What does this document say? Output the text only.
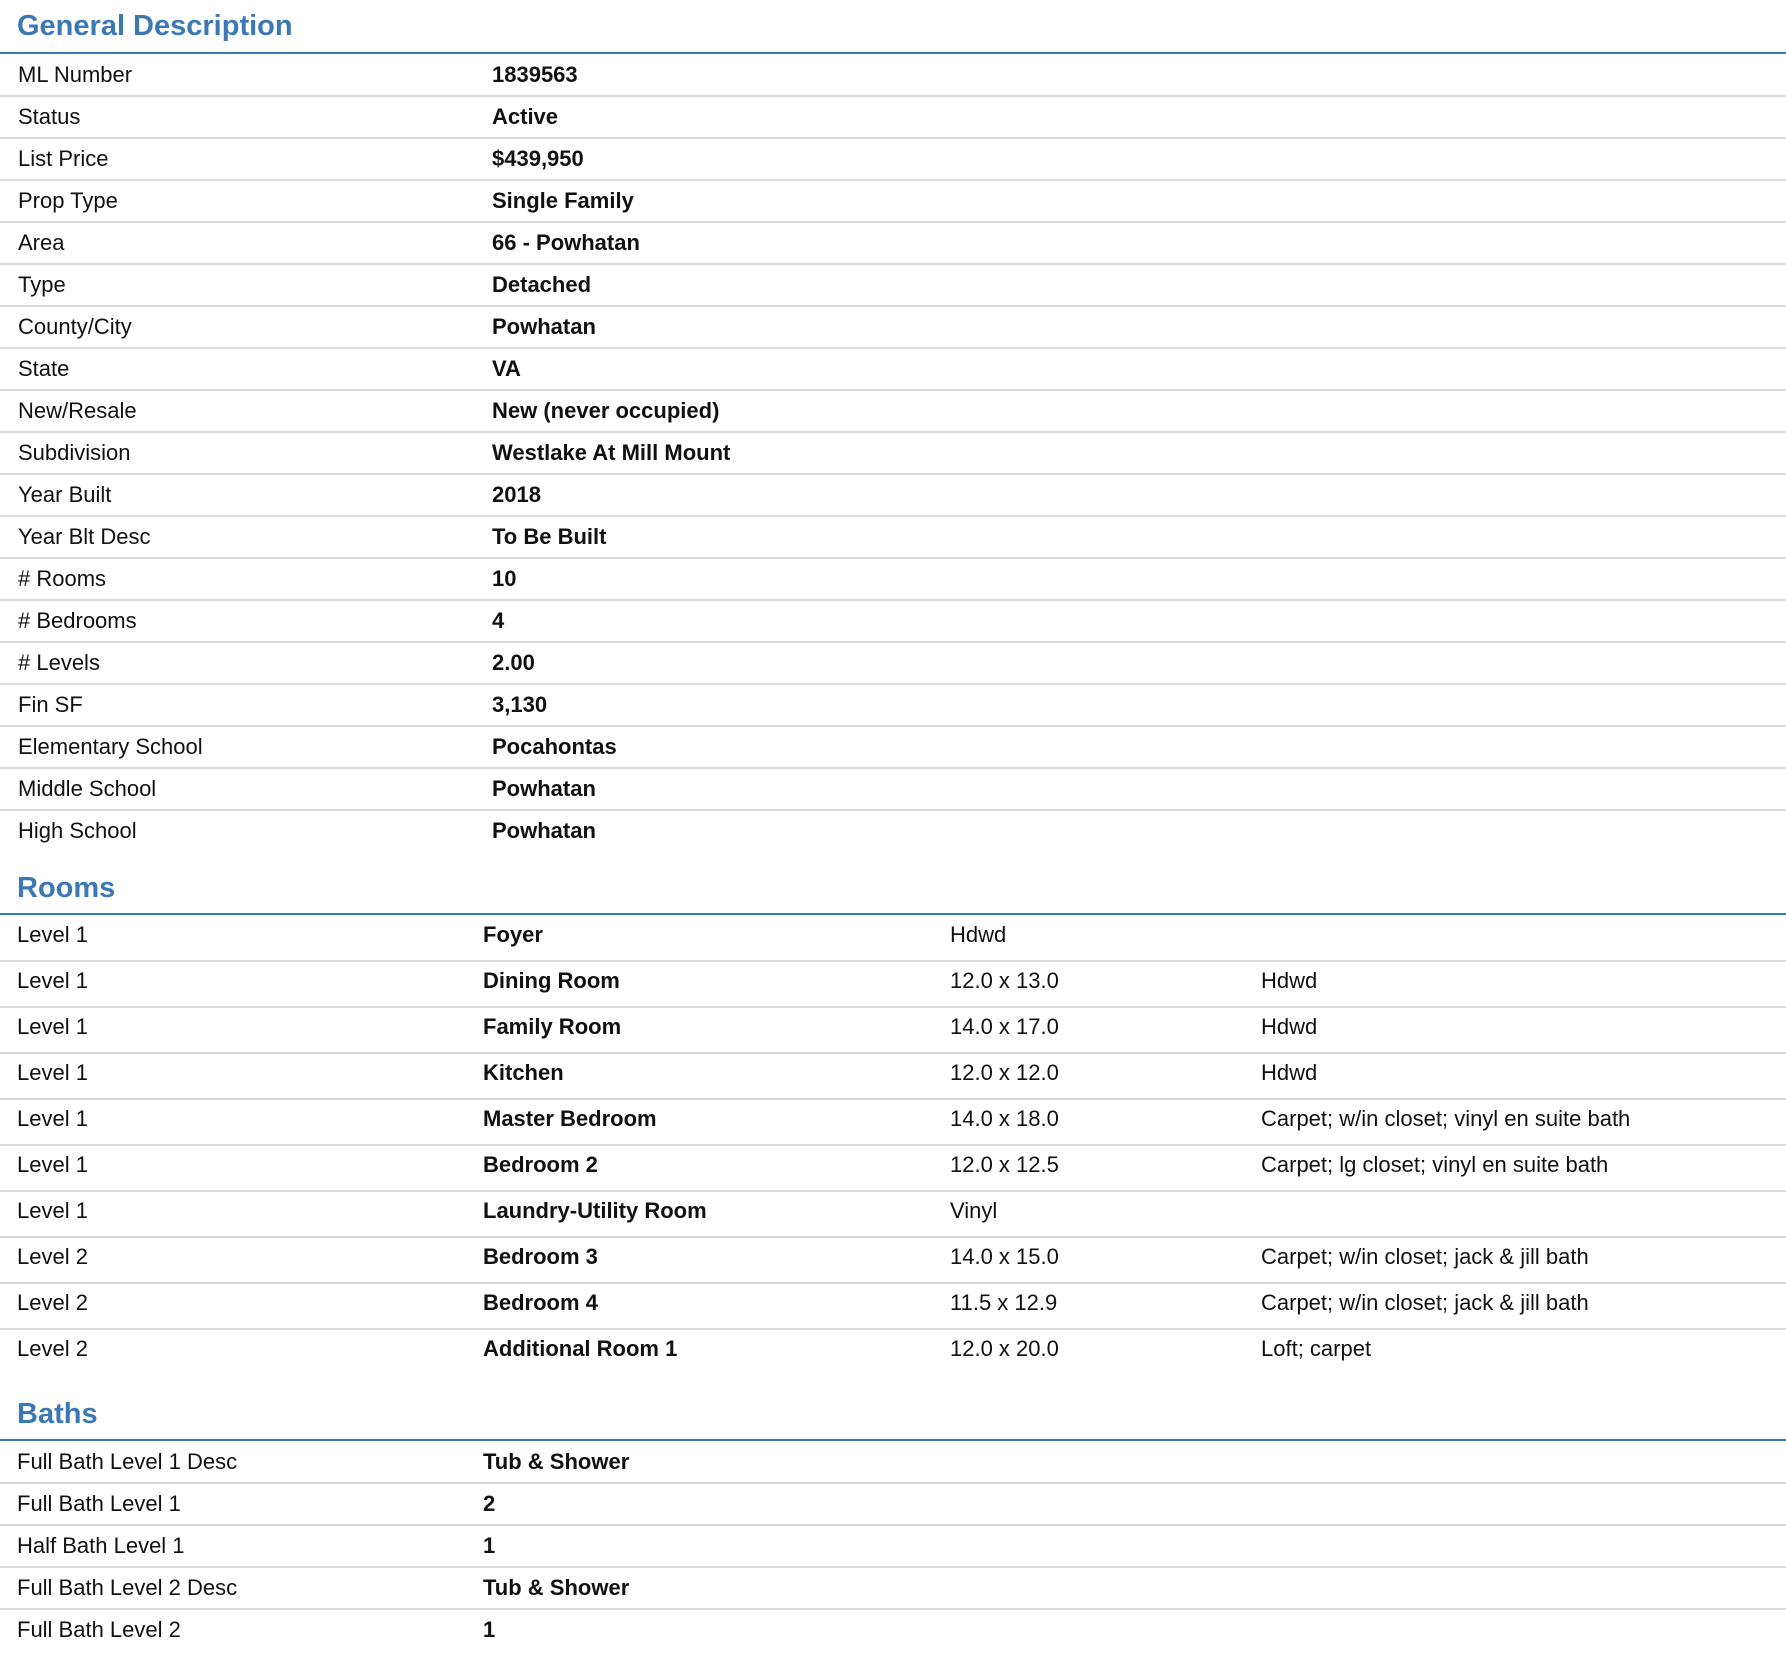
General Description
ML Number	1839563
Status	Active
List Price	$439,950
Prop Type	Single Family
Area	66 - Powhatan
Type	Detached
County/City	Powhatan
State	VA
New/Resale	New (never occupied)
Subdivision	Westlake At Mill Mount
Year Built	2018
Year Blt Desc	To Be Built
# Rooms	10
# Bedrooms	4
# Levels	2.00
Fin SF	3,130
Elementary School	Pocahontas
Middle School	Powhatan
High School	Powhatan
Rooms
Level 1	Foyer	Hdwd
Level 1	Dining Room	12.0 x 13.0	Hdwd
Level 1	Family Room	14.0 x 17.0	Hdwd
Level 1	Kitchen	12.0 x 12.0	Hdwd
Level 1	Master Bedroom	14.0 x 18.0	Carpet; w/in closet; vinyl en suite bath
Level 1	Bedroom 2	12.0 x 12.5	Carpet; lg closet; vinyl en suite bath
Level 1	Laundry-Utility Room	Vinyl
Level 2	Bedroom 3	14.0 x 15.0	Carpet; w/in closet; jack & jill bath
Level 2	Bedroom 4	11.5 x 12.9	Carpet; w/in closet; jack & jill bath
Level 2	Additional Room 1	12.0 x 20.0	Loft; carpet
Baths
Full Bath Level 1 Desc	Tub & Shower
Full Bath Level 1	2
Half Bath Level 1	1
Full Bath Level 2 Desc	Tub & Shower
Full Bath Level 2	1
